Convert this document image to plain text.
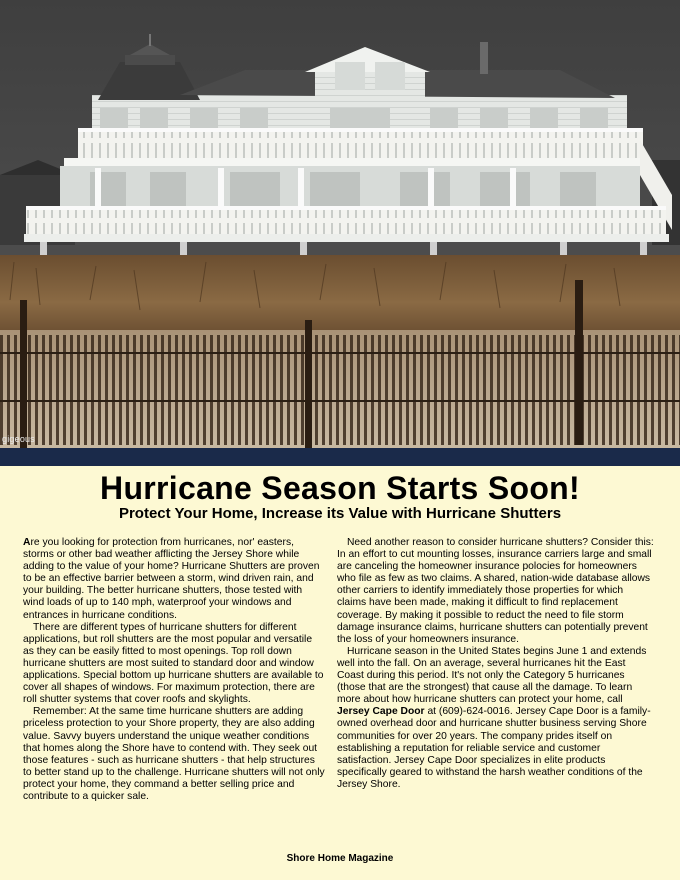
gigeous
Hurricane Season Starts Soon!
Protect Your Home, Increase its Value with Hurricane Shutters

Are you looking for protection from hurricanes, nor' easters, storms or other bad weather afflicting the Jersey Shore while adding to the value of your home? Hurricane Shutters are proven to be an effective barrier between a storm, wind driven rain, and your building. The better hurricane shutters, those tested with wind loads of up to 140 mph, waterproof your windows and entrances in hurricane conditions.

There are different types of hurricane shutters for different applications, but roll shutters are the most popular and versatile as they can be easily fitted to most openings. Top roll down hurricane shutters are most suited to standard door and window applications. Special bottom up hurricane shutters are available to cover all shapes of windows. For maximum protection, there are roll shutter systems that cover roofs and skylights.

Remember: At the same time hurricane shutters are adding priceless protection to your Shore property, they are also adding value. Savvy buyers understand the unique weather conditions that homes along the Shore have to contend with. They seek out those features - such as hurricane shutters - that help structures to better stand up to the challenge. Hurricane shutters will not only protect your home, they command a better selling price and contribute to a quicker sale.

Need another reason to consider hurricane shutters? Consider this: In an effort to cut mounting losses, insurance carriers large and small are canceling the homeowner insurance polocies for homeowners who file as few as two claims. A shared, nation-wide database allows other carriers to identify immediately those properties for which claims have been made, making it difficult to find replacement coverage. By making it possible to reduct the need to file storm damage insurance claims, hurricane shutters can potentially prevent the loss of your homeowners insurance.

Hurricane season in the United States begins June 1 and extends well into the fall. On an average, several hurricanes hit the East Coast during this period. It's not only the Category 5 hurricanes (those that are the strongest) that cause all the damage. To learn more about how hurricane shutters can protect your home, call Jersey Cape Door at (609)-624-0016. Jersey Cape Door is a family-owned overhead door and hurricane shutter business serving Shore communities for over 20 years. The company prides itself on establishing a reputation for reliable service and customer satisfaction. Jersey Cape Door specializes in elite products specifically geared to withstand the harsh weather conditions of the Jersey Shore.

Shore Home Magazine
